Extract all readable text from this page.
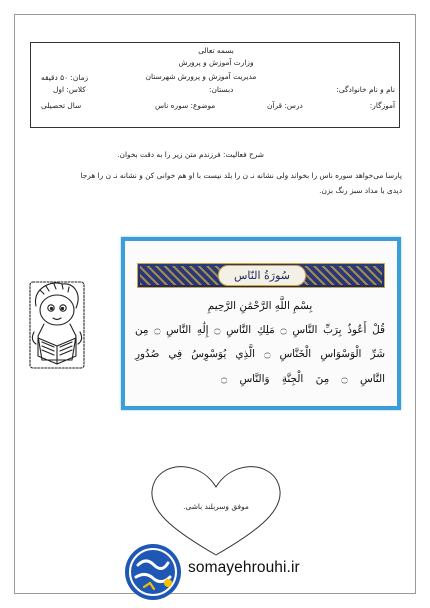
بسمه تعالی
وزارت آموزش و پرورش
مدیریت آموزش و پرورش شهرستان
زمان: ۵۰ دقیقه
نام و نام خانوادگی:
دبستان:
کلاس: اول
آموزگار:
درس: قرآن
موضوع: سوره ناس
سال تحصیلی
شرح فعالیت: فرزندم متن زیر را به دقت بخوان.
پارسا می‌خواهد سوره ناس را بخواند ولی نشانه نـ ن را بلد نیست با او هم خوانی کن و نشانه نـ ن را هرجا
دیدی با مداد سبز رنگ بزن.
سُورَةُ النّاس
بِسْمِ اللَّهِ الرَّحْمَٰنِ الرَّحِيمِ
قُلْ أَعُوذُ بِرَبِّ النَّاسِ ۝ مَلِكِ النَّاسِ ۝ إِلَٰهِ النَّاسِ ۝ مِن
شَرِّ الْوَسْوَاسِ الْخَنَّاسِ ۝ الَّذِي يُوَسْوِسُ فِي صُدُورِ
النَّاسِ ۝ مِنَ الْجِنَّةِ وَالنَّاسِ ۝
موفق وسربلند باشی.
somayehrouhi.ir
